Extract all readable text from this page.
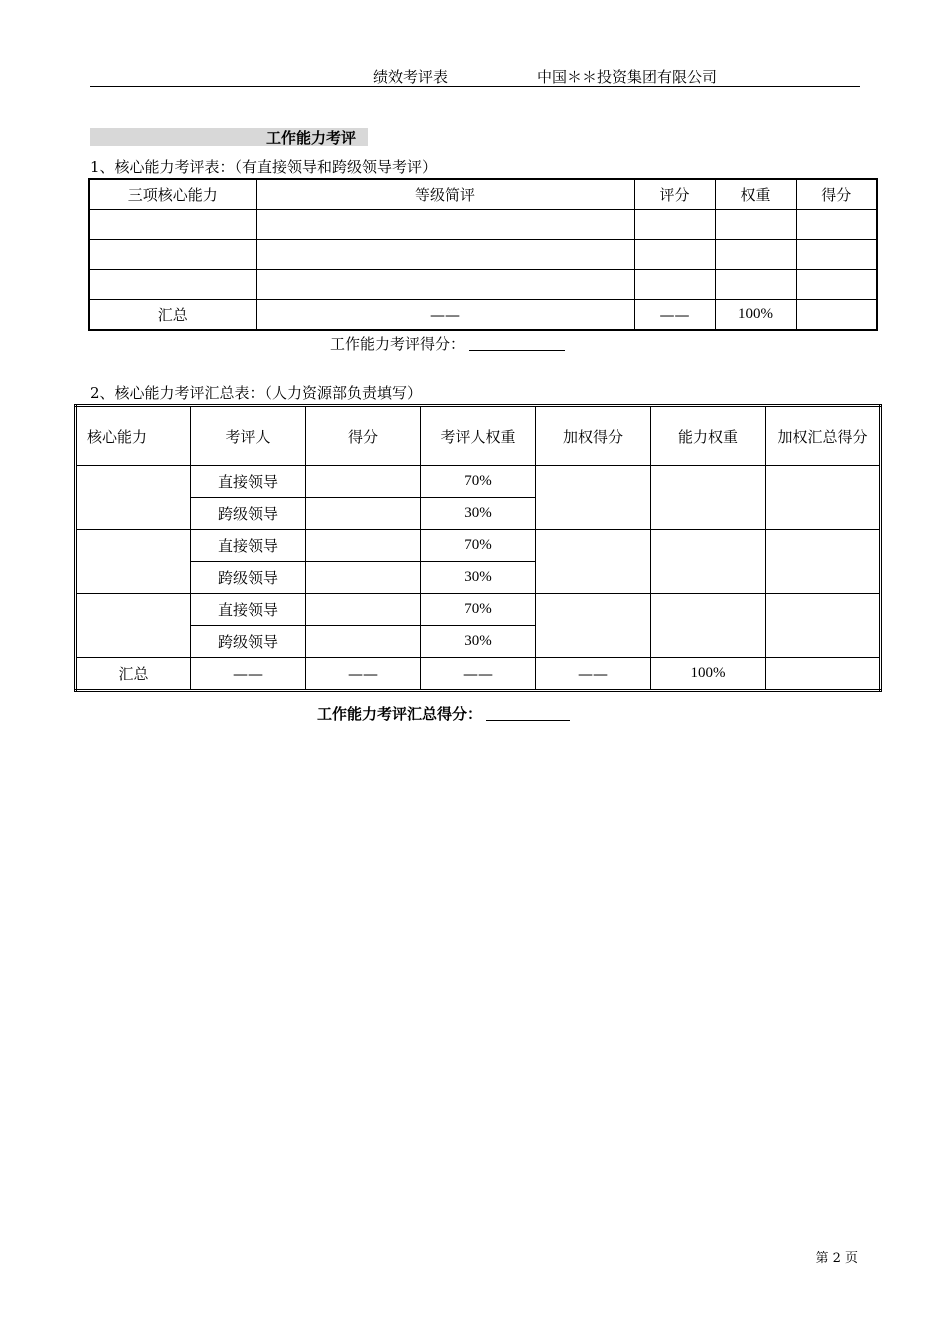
绩效考评表	中国＊＊投资集团有限公司
工作能力考评
1、核心能力考评表：（有直接领导和跨级领导考评）
三项核心能力	等级简评	评分	权重	得分

汇总	——	——	100%	
工作能力考评得分：
2、核心能力考评汇总表：（人力资源部负责填写）
核心能力	考评人	得分	考评人权重	加权得分	能力权重	加权汇总得分
	直接领导		70%			
	跨级领导		30%			
	直接领导		70%			
	跨级领导		30%			
	直接领导		70%			
	跨级领导		30%			
汇总	——	——	——	——	100%	
工作能力考评汇总得分：
第 2 页
